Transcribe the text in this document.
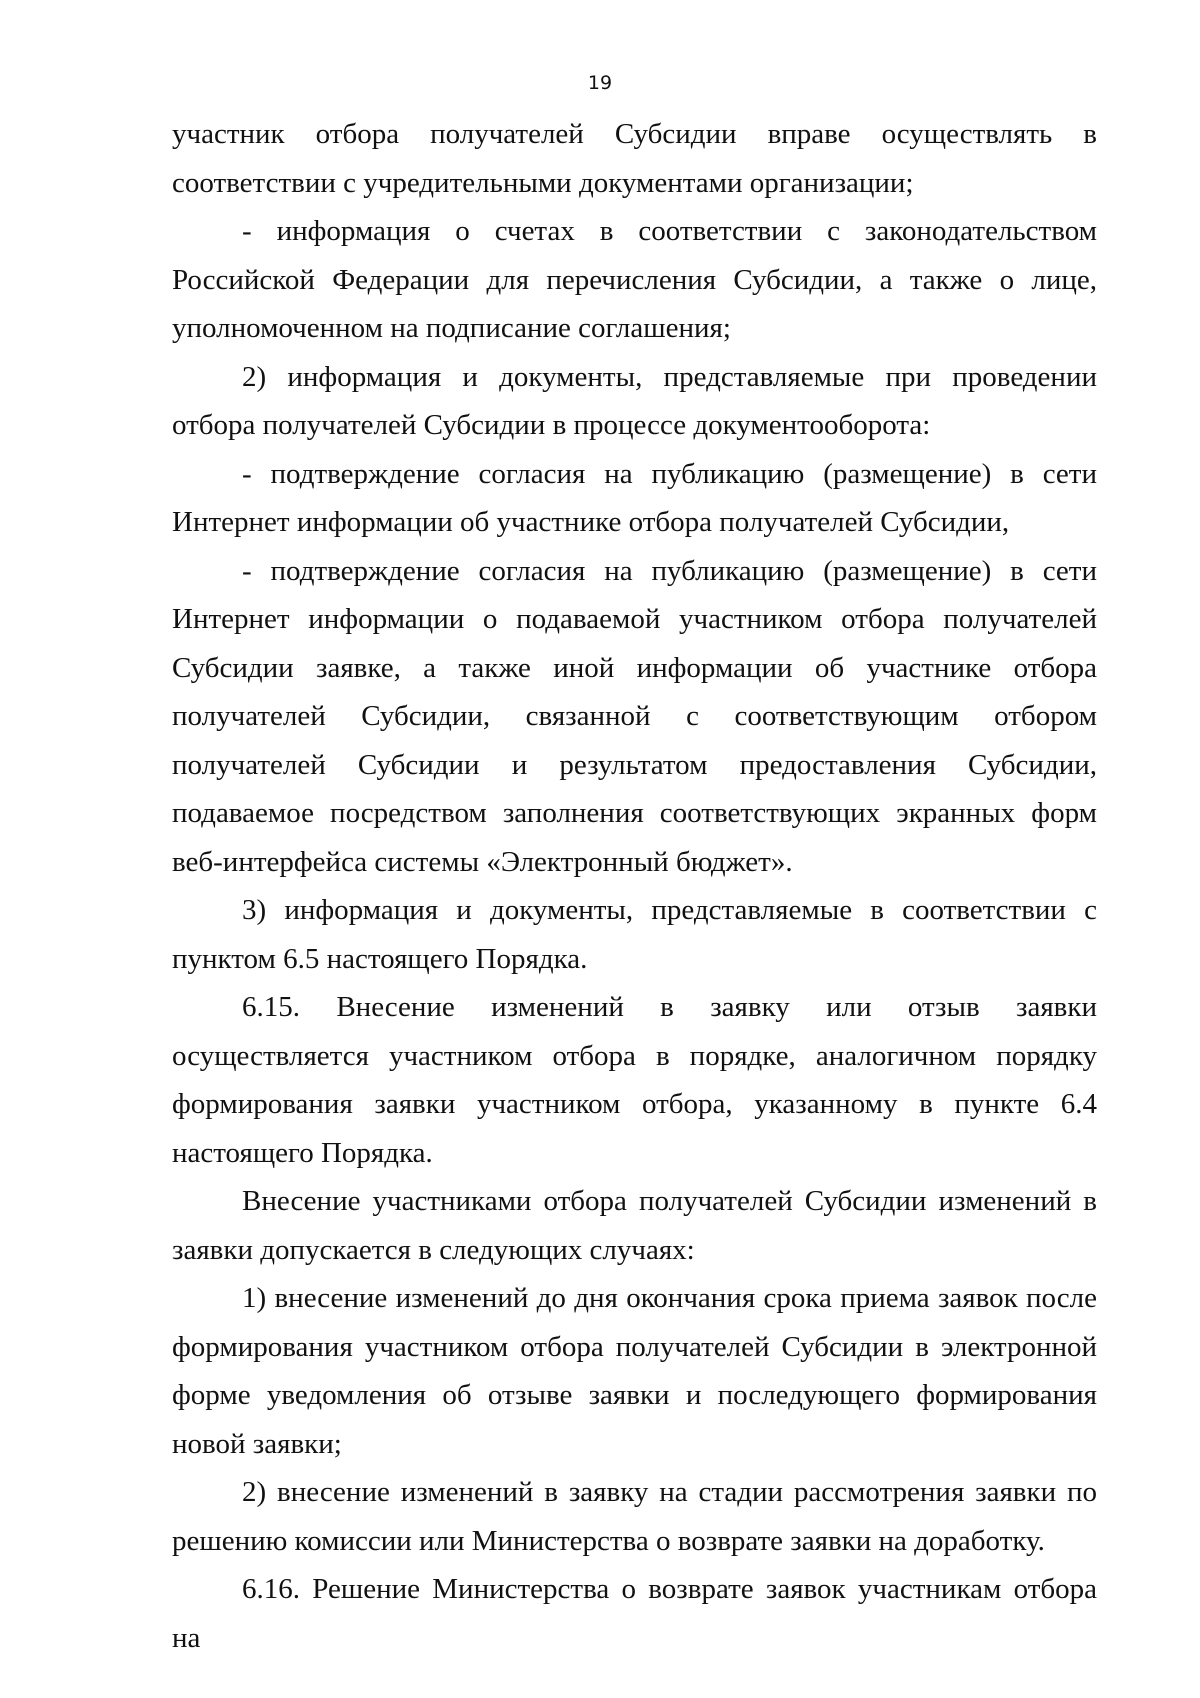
19

участник отбора получателей Субсидии вправе осуществлять в соответствии с учредительными документами организации;

- информация о счетах в соответствии с законодательством Российской Федерации для перечисления Субсидии, а также о лице, уполномоченном на подписание соглашения;

2) информация и документы, представляемые при проведении отбора получателей Субсидии в процессе документооборота:

- подтверждение согласия на публикацию (размещение) в сети Интернет информации об участнике отбора получателей Субсидии,

- подтверждение согласия на публикацию (размещение) в сети Интернет информации о подаваемой участником отбора получателей Субсидии заявке, а также иной информации об участнике отбора получателей Субсидии, связанной с соответствующим отбором получателей Субсидии и результатом предоставления Субсидии, подаваемое посредством заполнения соответствующих экранных форм веб-интерфейса системы «Электронный бюджет».

3) информация и документы, представляемые в соответствии с пунктом 6.5 настоящего Порядка.

6.15. Внесение изменений в заявку или отзыв заявки осуществляется участником отбора в порядке, аналогичном порядку формирования заявки участником отбора, указанному в пункте 6.4 настоящего Порядка.

Внесение участниками отбора получателей Субсидии изменений в заявки допускается в следующих случаях:

1) внесение изменений до дня окончания срока приема заявок после формирования участником отбора получателей Субсидии в электронной форме уведомления об отзыве заявки и последующего формирования новой заявки;

2) внесение изменений в заявку на стадии рассмотрения заявки по решению комиссии или Министерства о возврате заявки на доработку.

6.16. Решение Министерства о возврате заявок участникам отбора на
